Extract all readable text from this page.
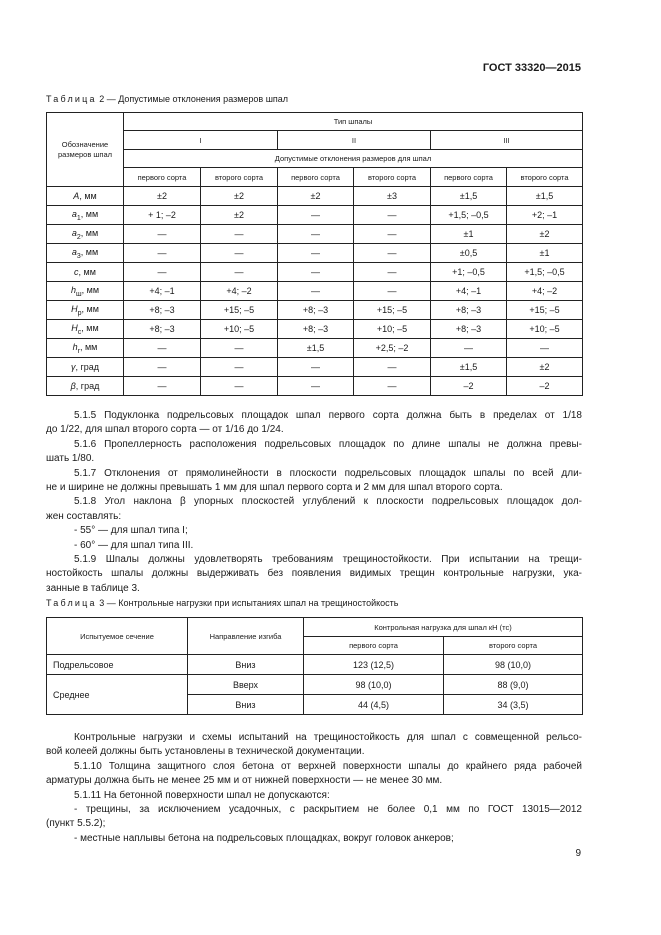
ГОСТ 33320—2015
Таблица 2 — Допустимые отклонения размеров шпал
Обозначение размеров шпал	Тип шпалы					
	I		II		III	
	Допустимые отклонения размеров для шпал					
	первого сорта	второго сорта	первого сорта	второго сорта	первого сорта	второго сорта
A, мм	±2	±2	±2	±3	±1,5	±1,5
$a_1$, мм	+ 1; –2	±2	—	—	+1,5; –0,5	+2; –1
$a_2$, мм	—	—	—	—	±1	±2
$a_3$, мм	—	—	—	—	±0,5	±1
c, мм	—	—	—	—	+1; –0,5	+1,5; –0,5
$h_ш$, мм	+4; –1	+4; –2	—	—	+4; –1	+4; –2
$H_p$, мм	+8; –3	+15; –5	+8; –3	+15; –5	+8; –3	+15; –5
$H_c$, мм	+8; –3	+10; –5	+8; –3	+10; –5	+8; –3	+10; –5
$h_r$, мм	—	—	±1,5	+2,5; –2	—	—
γ, град	—	—	—	—	±1,5	±2
β, град	—	—	—	—	–2	–2

5.1.5 Подуклонка подрельсовых площадок шпал первого сорта должна быть в пределах от 1/18

до 1/22, для шпал второго сорта — от 1/16 до 1/24.

5.1.6 Пропеллерность расположения подрельсовых площадок по длине шпалы не должна превы-

шать 1/80.

5.1.7 Отклонения от прямолинейности в плоскости подрельсовых площадок шпалы по всей дли-

не и ширине не должны превышать 1 мм для шпал первого сорта и 2 мм для шпал второго сорта.

5.1.8 Угол наклона β упорных плоскостей углублений к плоскости подрельсовых площадок дол-

жен составлять:

- 55° — для шпал типа I;

- 60° — для шпал типа III.

5.1.9 Шпалы должны удовлетворять требованиям трещиностойкости. При испытании на трещи-

ностойкость шпалы должны выдерживать без появления видимых трещин контрольные нагрузки, ука-

занные в таблице 3.

Таблица 3 — Контрольные нагрузки при испытаниях шпал на трещиностойкость
Испытуемое сечение	Направление изгиба	Контрольная нагрузка для шпал кН (тс)	
		первого сорта	второго сорта
Подрельсовое	Вниз	123 (12,5)	98 (10,0)
Среднее	Вверх	98 (10,0)	88 (9,0)
	Вниз	44 (4,5)	34 (3,5)

Контрольные нагрузки и схемы испытаний на трещиностойкость для шпал с совмещенной рельсо-

вой колеей должны быть установлены в технической документации.

5.1.10 Толщина защитного слоя бетона от верхней поверхности шпалы до крайнего ряда рабочей

арматуры должна быть не менее 25 мм и от нижней поверхности — не менее 30 мм.

5.1.11 На бетонной поверхности шпал не допускаются:

- трещины, за исключением усадочных, с раскрытием не более 0,1 мм по ГОСТ 13015—2012

(пункт 5.5.2);

- местные наплывы бетона на подрельсовых площадках, вокруг головок анкеров;

9
